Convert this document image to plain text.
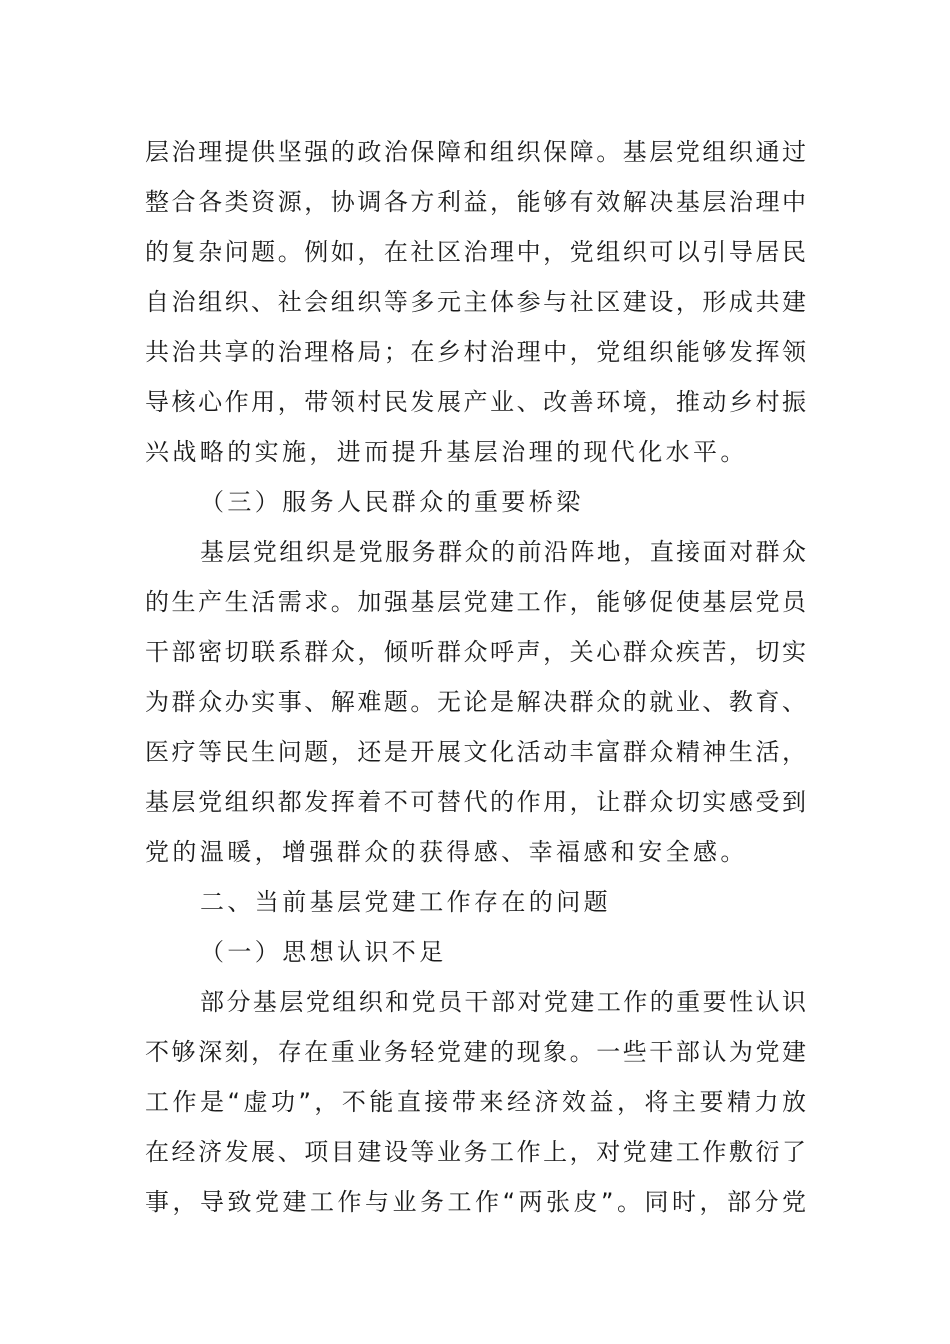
层治理提供坚强的政治保障和组织保障。基层党组织通过
整合各类资源，协调各方利益，能够有效解决基层治理中
的复杂问题。例如，在社区治理中，党组织可以引导居民
自治组织、社会组织等多元主体参与社区建设，形成共建
共治共享的治理格局；在乡村治理中，党组织能够发挥领
导核心作用，带领村民发展产业、改善环境，推动乡村振
兴战略的实施，进而提升基层治理的现代化水平。
（三）服务人民群众的重要桥梁
基层党组织是党服务群众的前沿阵地，直接面对群众
的生产生活需求。加强基层党建工作，能够促使基层党员
干部密切联系群众，倾听群众呼声，关心群众疾苦，切实
为群众办实事、解难题。无论是解决群众的就业、教育、
医疗等民生问题，还是开展文化活动丰富群众精神生活，
基层党组织都发挥着不可替代的作用，让群众切实感受到
党的温暖，增强群众的获得感、幸福感和安全感。
二、当前基层党建工作存在的问题
（一）思想认识不足
部分基层党组织和党员干部对党建工作的重要性认识
不够深刻，存在重业务轻党建的现象。一些干部认为党建
工作是“虚功”，不能直接带来经济效益，将主要精力放
在经济发展、项目建设等业务工作上，对党建工作敷衍了
事，导致党建工作与业务工作“两张皮”。同时，部分党
